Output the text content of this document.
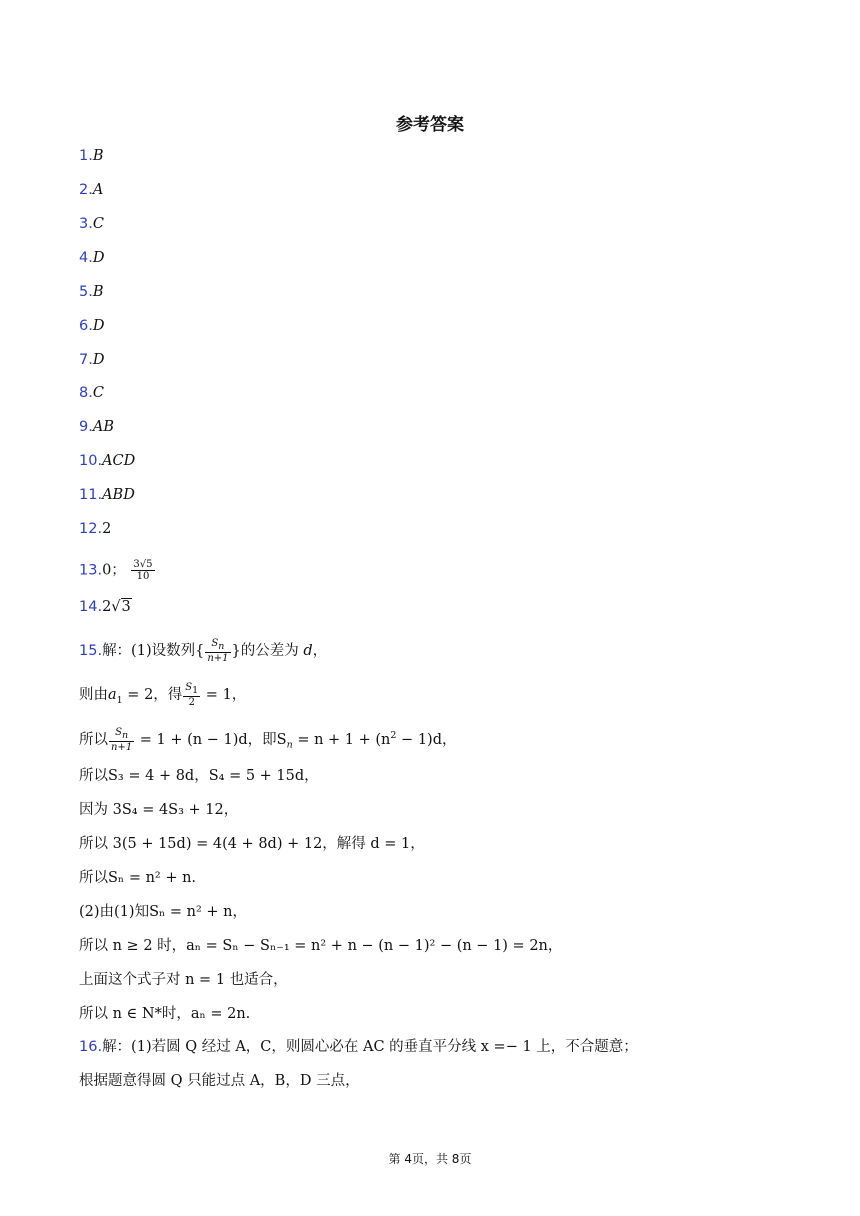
参考答案
1.B
2.A
3.C
4.D
5.B
6.D
7.D
8.C
9.AB
10.ACD
11.ABD
12.2
13.0； $\frac{3√5}{10}$
14.2√3
15.解：(1)设数列{ $\frac{S_n}{n+1}$ }的公差为 d，
则由$a_1 = 2$，得 $\frac{S_1}{2} = 1$，
所以 $\frac{S_n}{n+1} = 1 + (n - 1)d$，即$S_n = n + 1 + (n^2 - 1)d$，
所以S₃ = 4 + 8d，S₄ = 5 + 15d，
因为 3S₄ = 4S₃ + 12，
所以 3(5 + 15d) = 4(4 + 8d) + 12，解得 d = 1，
所以Sₙ = n² + n.
(2)由(1)知Sₙ = n² + n，
所以 n ≥ 2 时，aₙ = Sₙ − Sₙ₋₁ = n² + n − (n − 1)² − (n − 1) = 2n，
上面这个式子对 n = 1 也适合，
所以 n ∈ N*时，aₙ = 2n.
16.解：(1)若圆 Q 经过 A，C，则圆心必在 AC 的垂直平分线 x =− 1 上，不合题意；
根据题意得圆 Q 只能过点 A，B，D 三点，
第 4页，共 8页
